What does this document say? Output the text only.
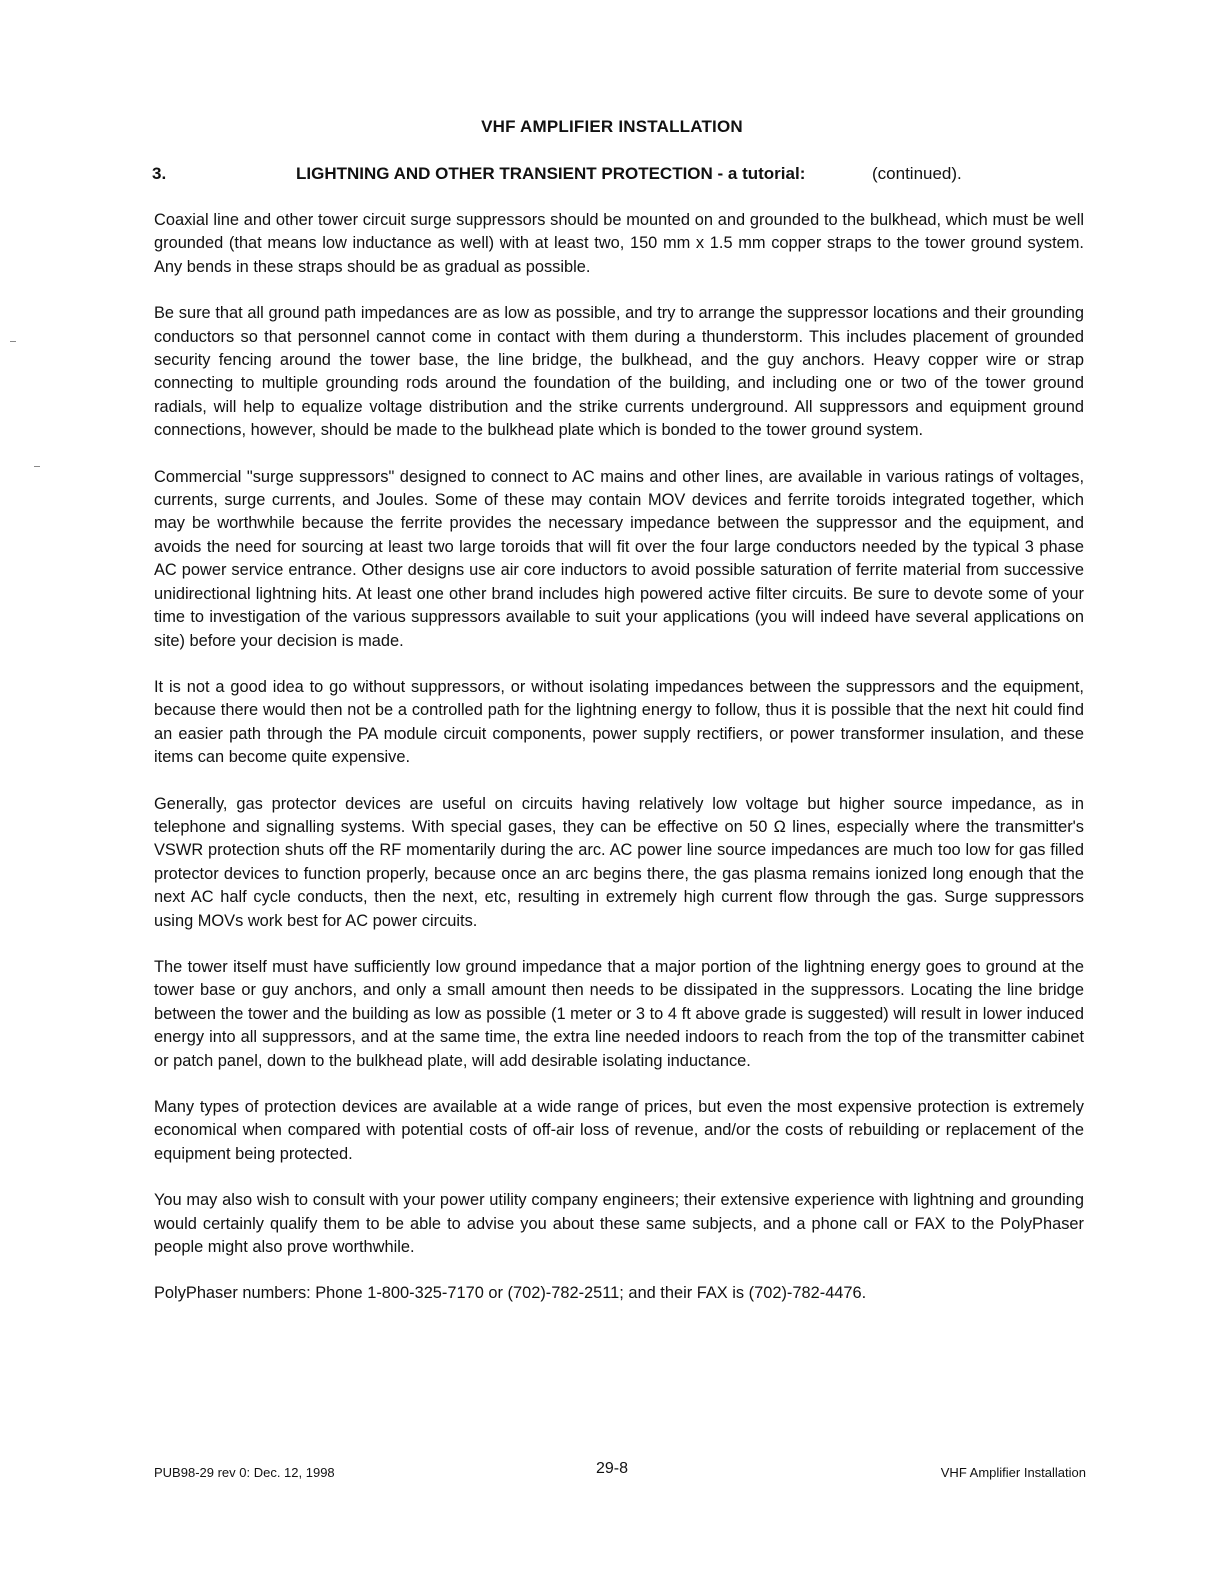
VHF AMPLIFIER INSTALLATION
3.	LIGHTNING AND OTHER TRANSIENT PROTECTION - a tutorial:	(continued).

Coaxial line and other tower circuit surge suppressors should be mounted on and grounded to the bulkhead, which must be well grounded (that means low inductance as well) with at least two, 150 mm x 1.5 mm copper straps to the tower ground system. Any bends in these straps should be as gradual as possible.

Be sure that all ground path impedances are as low as possible, and try to arrange the suppressor locations and their grounding conductors so that personnel cannot come in contact with them during a thunderstorm. This includes placement of grounded security fencing around the tower base, the line bridge, the bulkhead, and the guy anchors. Heavy copper wire or strap connecting to multiple grounding rods around the foundation of the building, and including one or two of the tower ground radials, will help to equalize voltage distribution and the strike currents underground. All suppressors and equipment ground connections, however, should be made to the bulkhead plate which is bonded to the tower ground system.

Commercial "surge suppressors" designed to connect to AC mains and other lines, are available in various ratings of voltages, currents, surge currents, and Joules. Some of these may contain MOV devices and ferrite toroids integrated together, which may be worthwhile because the ferrite provides the necessary impedance between the suppressor and the equipment, and avoids the need for sourcing at least two large toroids that will fit over the four large conductors needed by the typical 3 phase AC power service entrance. Other designs use air core inductors to avoid possible saturation of ferrite material from successive unidirectional lightning hits. At least one other brand includes high powered active filter circuits. Be sure to devote some of your time to investigation of the various suppressors available to suit your applications (you will indeed have several applications on site) before your decision is made.

It is not a good idea to go without suppressors, or without isolating impedances between the suppressors and the equipment, because there would then not be a controlled path for the lightning energy to follow, thus it is possible that the next hit could find an easier path through the PA module circuit components, power supply rectifiers, or power transformer insulation, and these items can become quite expensive.

Generally, gas protector devices are useful on circuits having relatively low voltage but higher source impedance, as in telephone and signalling systems. With special gases, they can be effective on 50 Ω lines, especially where the transmitter's VSWR protection shuts off the RF momentarily during the arc. AC power line source impedances are much too low for gas filled protector devices to function properly, because once an arc begins there, the gas plasma remains ionized long enough that the next AC half cycle conducts, then the next, etc, resulting in extremely high current flow through the gas. Surge suppressors using MOVs work best for AC power circuits.

The tower itself must have sufficiently low ground impedance that a major portion of the lightning energy goes to ground at the tower base or guy anchors, and only a small amount then needs to be dissipated in the suppressors. Locating the line bridge between the tower and the building as low as possible (1 meter or 3 to 4 ft above grade is suggested) will result in lower induced energy into all suppressors, and at the same time, the extra line needed indoors to reach from the top of the transmitter cabinet or patch panel, down to the bulkhead plate, will add desirable isolating inductance.

Many types of protection devices are available at a wide range of prices, but even the most expensive protection is extremely economical when compared with potential costs of off-air loss of revenue, and/or the costs of rebuilding or replacement of the equipment being protected.

You may also wish to consult with your power utility company engineers; their extensive experience with lightning and grounding would certainly qualify them to be able to advise you about these same subjects, and a phone call or FAX to the PolyPhaser people might also prove worthwhile.

PolyPhaser numbers: Phone 1-800-325-7170 or (702)-782-2511; and their FAX is (702)-782-4476.

PUB98-29 rev 0: Dec. 12, 1998	29-8	VHF Amplifier Installation
